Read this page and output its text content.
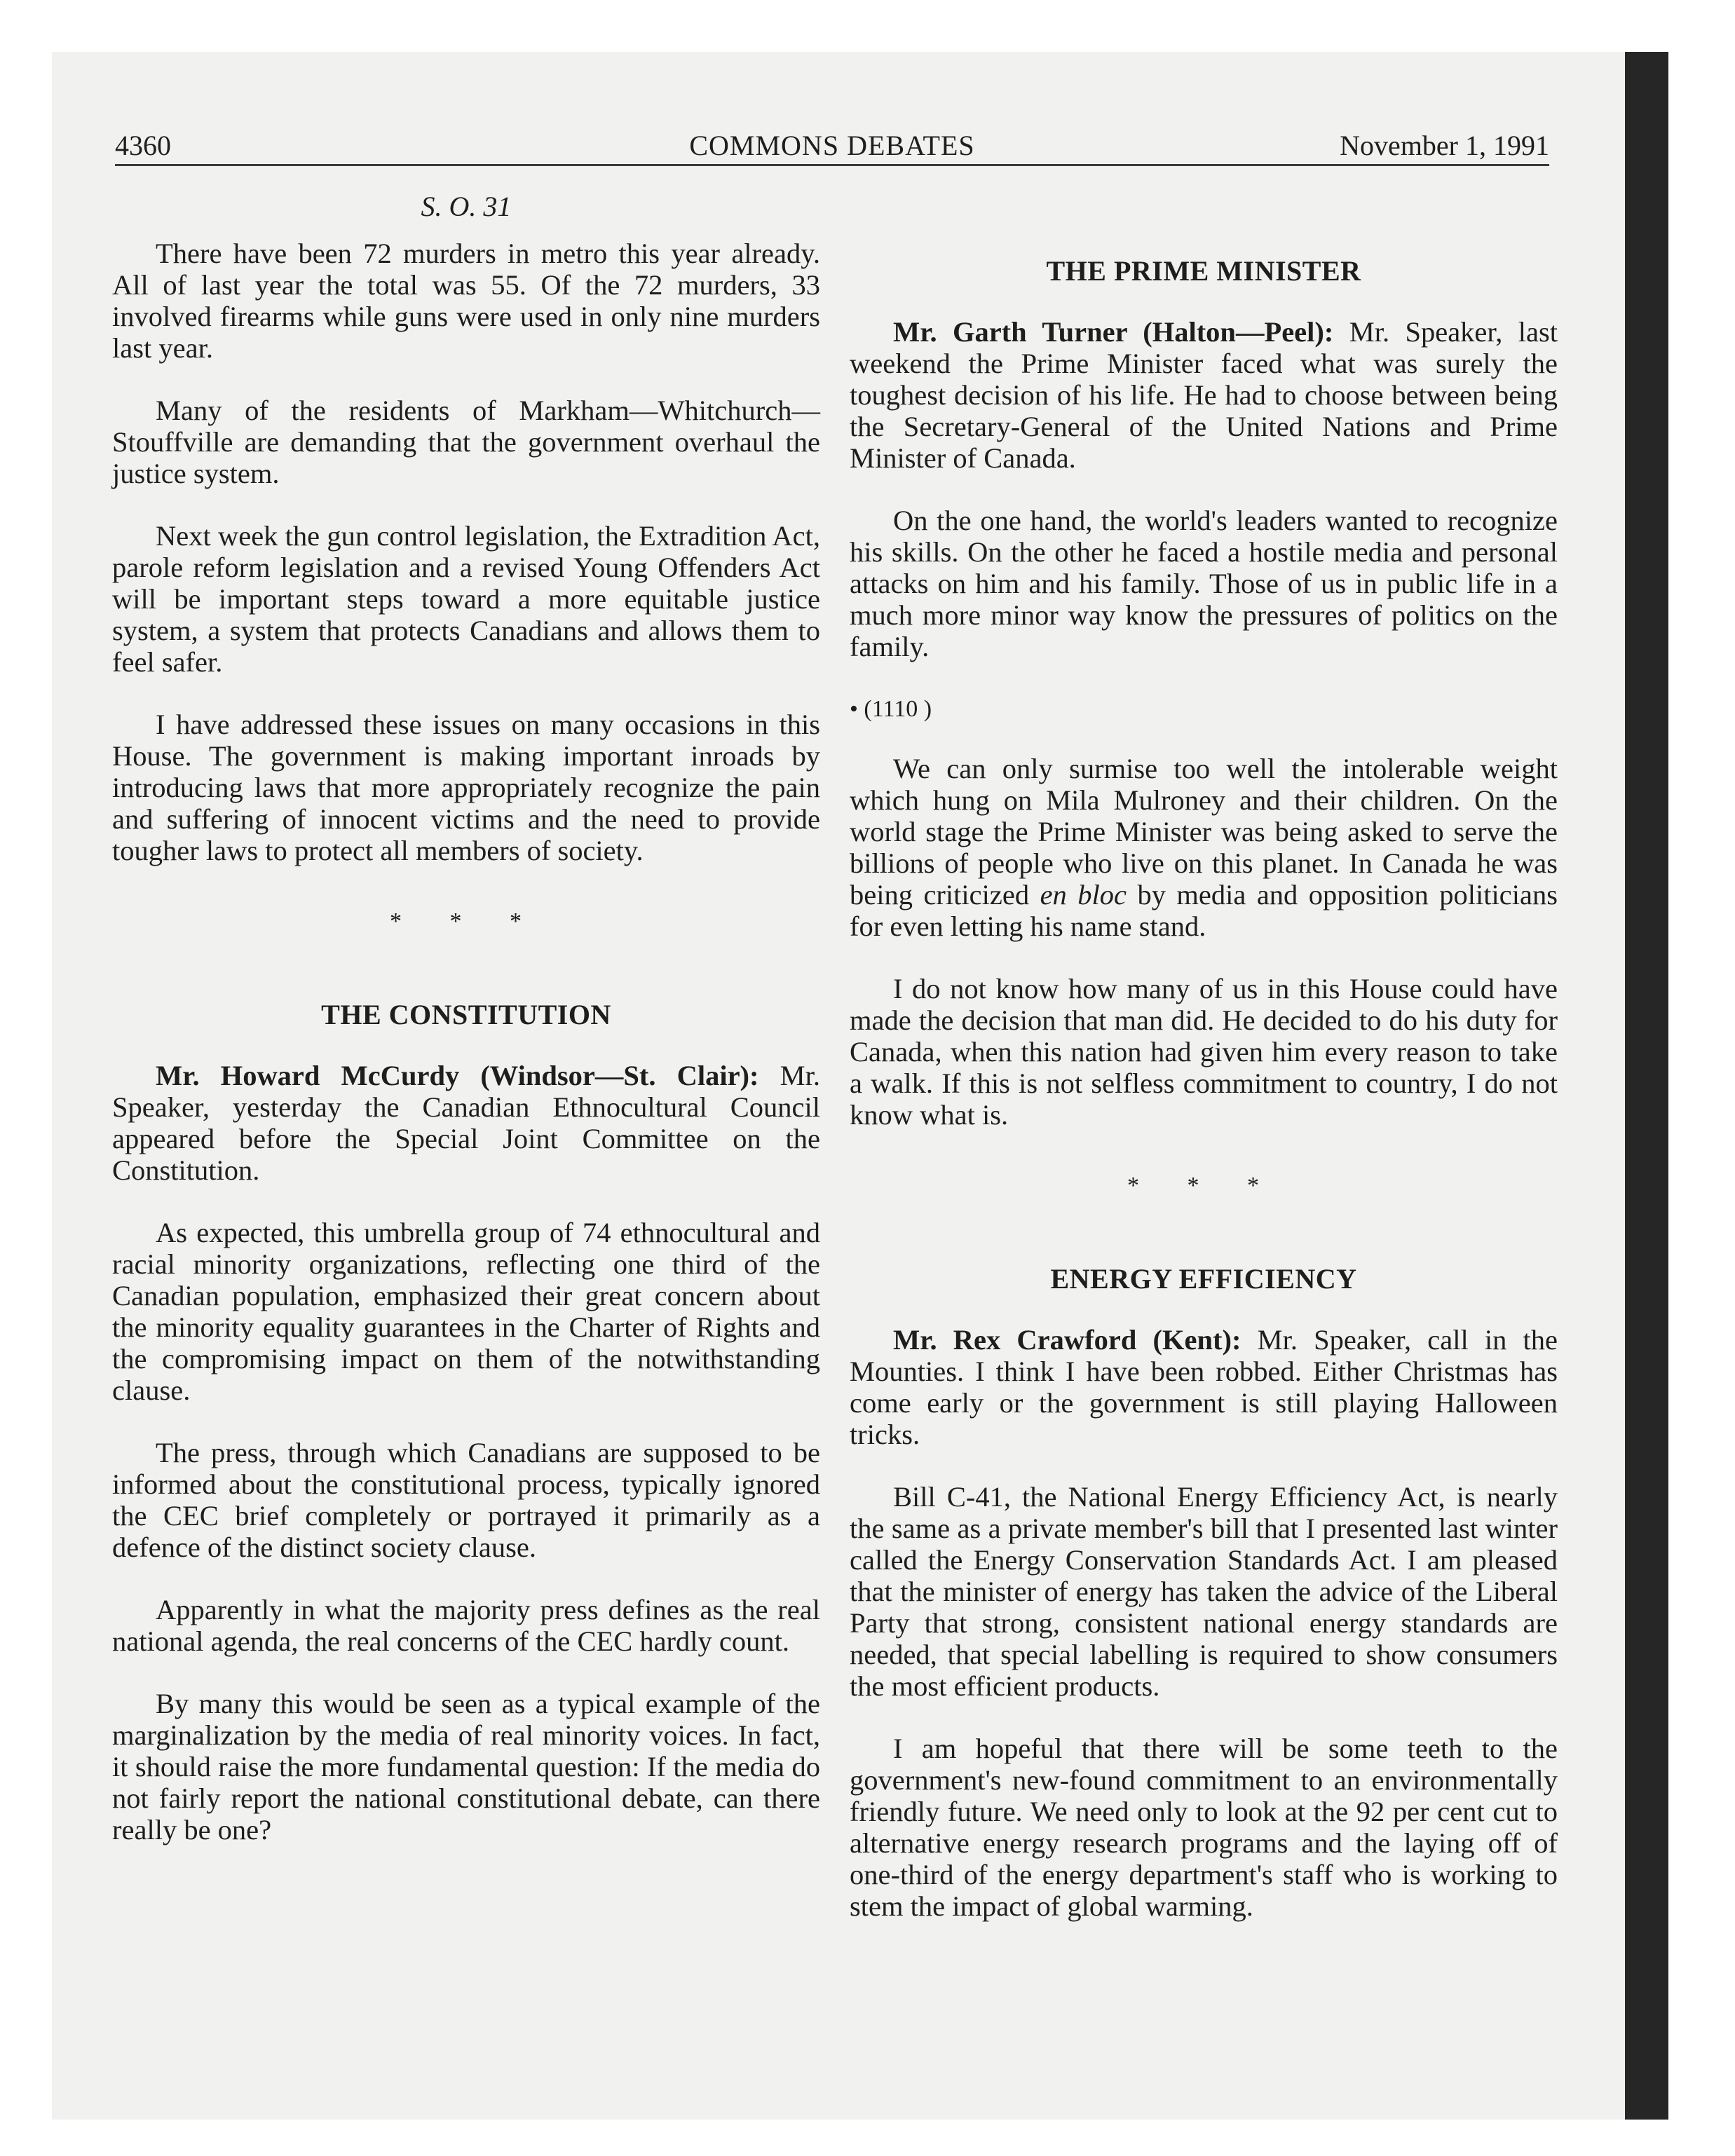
4360	COMMONS DEBATES	November 1, 1991
S. O. 31

There have been 72 murders in metro this year already. All of last year the total was 55. Of the 72 murders, 33 involved firearms while guns were used in only nine murders last year.

Many of the residents of Markham—Whitchurch—Stouffville are demanding that the government overhaul the justice system.

Next week the gun control legislation, the Extradition Act, parole reform legislation and a revised Young Offenders Act will be important steps toward a more equitable justice system, a system that protects Canadians and allows them to feel safer.

I have addressed these issues on many occasions in this House. The government is making important inroads by introducing laws that more appropriately recognize the pain and suffering of innocent victims and the need to provide tougher laws to protect all members of society.

* * *
THE CONSTITUTION

Mr. Howard McCurdy (Windsor—St. Clair): Mr. Speaker, yesterday the Canadian Ethnocultural Council appeared before the Special Joint Committee on the Constitution.

As expected, this umbrella group of 74 ethnocultural and racial minority organizations, reflecting one third of the Canadian population, emphasized their great concern about the minority equality guarantees in the Charter of Rights and the compromising impact on them of the notwithstanding clause.

The press, through which Canadians are supposed to be informed about the constitutional process, typically ignored the CEC brief completely or portrayed it primarily as a defence of the distinct society clause.

Apparently in what the majority press defines as the real national agenda, the real concerns of the CEC hardly count.

By many this would be seen as a typical example of the marginalization by the media of real minority voices. In fact, it should raise the more fundamental question: If the media do not fairly report the national constitutional debate, can there really be one?

THE PRIME MINISTER

Mr. Garth Turner (Halton—Peel): Mr. Speaker, last weekend the Prime Minister faced what was surely the toughest decision of his life. He had to choose between being the Secretary-General of the United Nations and Prime Minister of Canada.

On the one hand, the world's leaders wanted to recognize his skills. On the other he faced a hostile media and personal attacks on him and his family. Those of us in public life in a much more minor way know the pressures of politics on the family.

• (1110 )

We can only surmise too well the intolerable weight which hung on Mila Mulroney and their children. On the world stage the Prime Minister was being asked to serve the billions of people who live on this planet. In Canada he was being criticized en bloc by media and opposition politicians for even letting his name stand.

I do not know how many of us in this House could have made the decision that man did. He decided to do his duty for Canada, when this nation had given him every reason to take a walk. If this is not selfless commitment to country, I do not know what is.

* * *
ENERGY EFFICIENCY

Mr. Rex Crawford (Kent): Mr. Speaker, call in the Mounties. I think I have been robbed. Either Christmas has come early or the government is still playing Halloween tricks.

Bill C-41, the National Energy Efficiency Act, is nearly the same as a private member's bill that I presented last winter called the Energy Conservation Standards Act. I am pleased that the minister of energy has taken the advice of the Liberal Party that strong, consistent national energy standards are needed, that special labelling is required to show consumers the most efficient products.

I am hopeful that there will be some teeth to the government's new-found commitment to an environmentally friendly future. We need only to look at the 92 per cent cut to alternative energy research programs and the laying off of one-third of the energy department's staff who is working to stem the impact of global warming.
